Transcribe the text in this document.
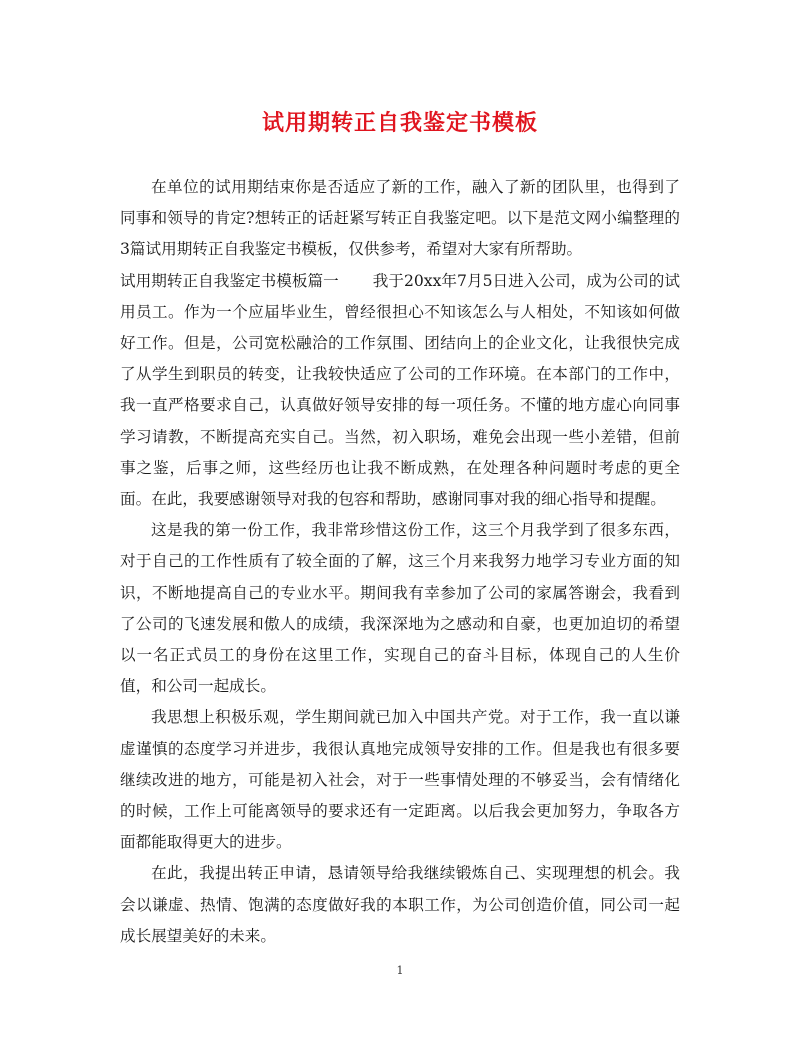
试用期转正自我鉴定书模板

在单位的试用期结束你是否适应了新的工作，融入了新的团队里，也得到了同事和领导的肯定?想转正的话赶紧写转正自我鉴定吧。以下是范文网小编整理的3篇试用期转正自我鉴定书模板，仅供参考，希望对大家有所帮助。

试用期转正自我鉴定书模板篇一 我于20xx年7月5日进入公司，成为公司的试用员工。作为一个应届毕业生，曾经很担心不知该怎么与人相处，不知该如何做好工作。但是，公司宽松融洽的工作氛围、团结向上的企业文化，让我很快完成了从学生到职员的转变，让我较快适应了公司的工作环境。在本部门的工作中，我一直严格要求自己，认真做好领导安排的每一项任务。不懂的地方虚心向同事学习请教，不断提高充实自己。当然，初入职场，难免会出现一些小差错，但前事之鉴，后事之师，这些经历也让我不断成熟，在处理各种问题时考虑的更全面。在此，我要感谢领导对我的包容和帮助，感谢同事对我的细心指导和提醒。

这是我的第一份工作，我非常珍惜这份工作，这三个月我学到了很多东西，对于自己的工作性质有了较全面的了解，这三个月来我努力地学习专业方面的知识，不断地提高自己的专业水平。期间我有幸参加了公司的家属答谢会，我看到了公司的飞速发展和傲人的成绩，我深深地为之感动和自豪，也更加迫切的希望以一名正式员工的身份在这里工作，实现自己的奋斗目标，体现自己的人生价值，和公司一起成长。

我思想上积极乐观，学生期间就已加入中国共产党。对于工作，我一直以谦虚谨慎的态度学习并进步，我很认真地完成领导安排的工作。但是我也有很多要继续改进的地方，可能是初入社会，对于一些事情处理的不够妥当，会有情绪化的时候，工作上可能离领导的要求还有一定距离。以后我会更加努力，争取各方面都能取得更大的进步。

在此，我提出转正申请，恳请领导给我继续锻炼自己、实现理想的机会。我会以谦虚、热情、饱满的态度做好我的本职工作，为公司创造价值，同公司一起成长展望美好的未来。

1
